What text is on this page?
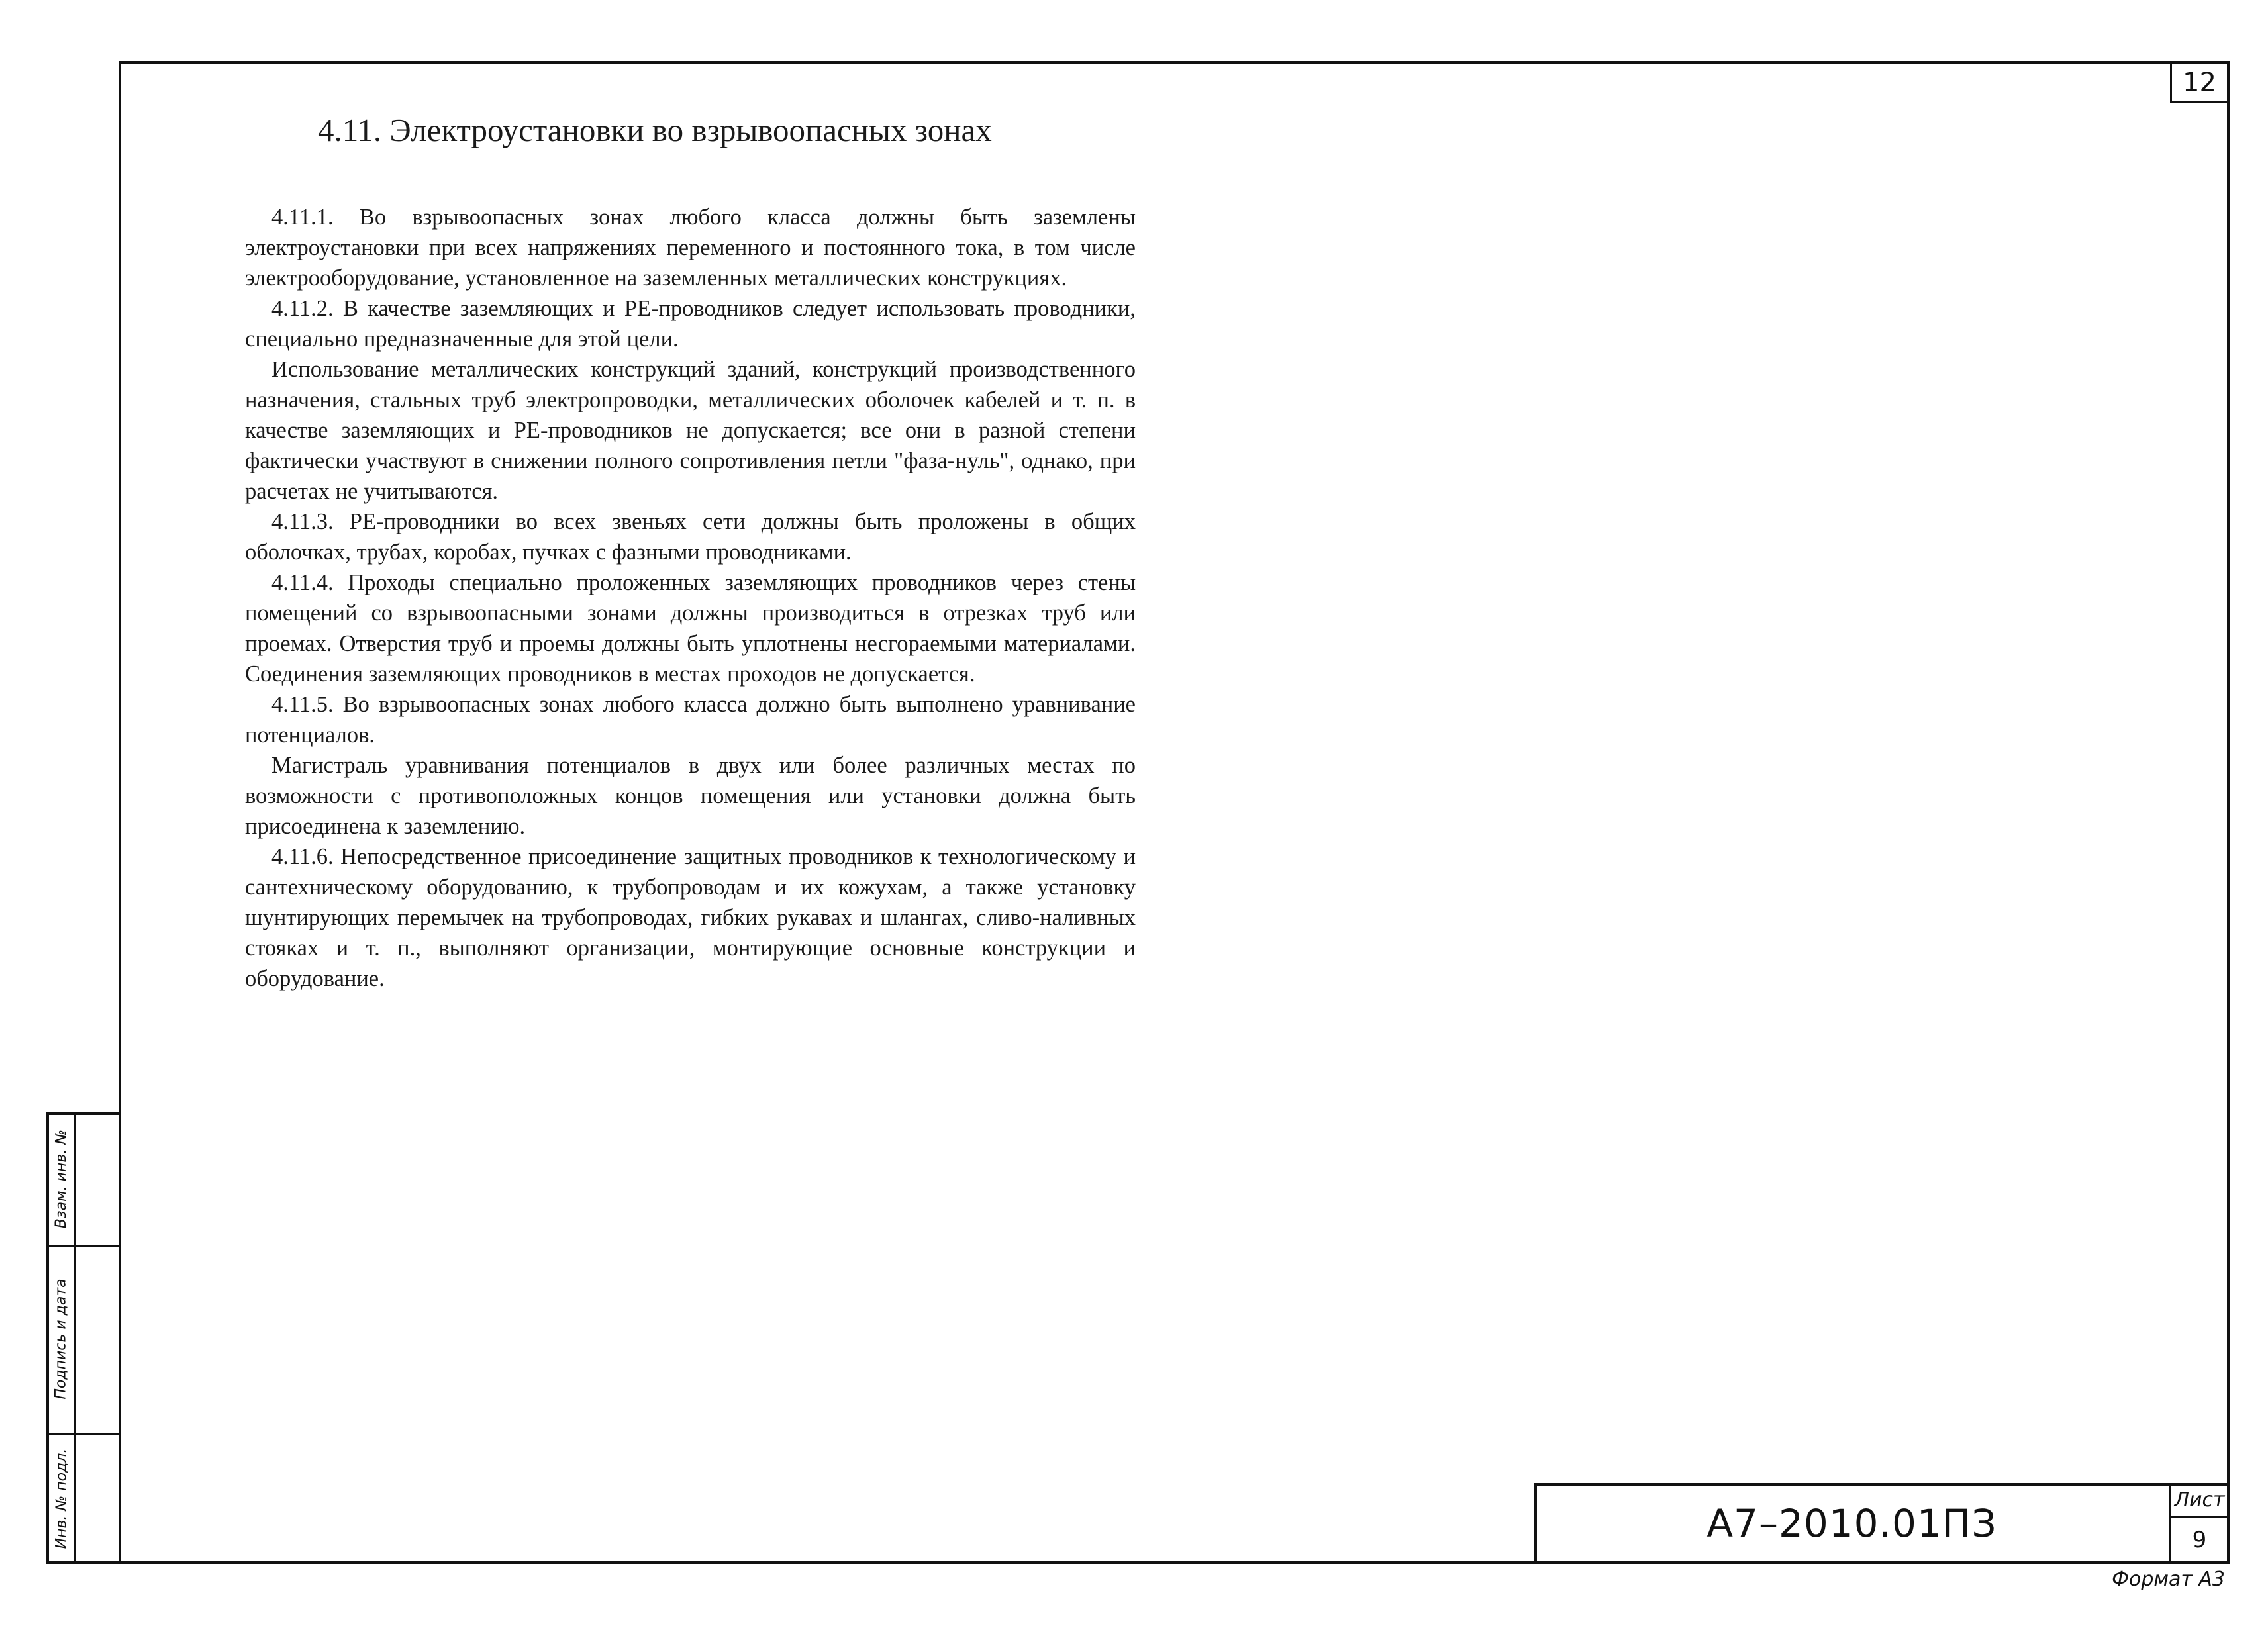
12
4.11. Электроустановки во взрывоопасных зонах

4.11.1. Во взрывоопасных зонах любого класса должны быть заземлены электроустановки при всех напряжениях переменного и постоянного тока, в том числе электрооборудование, установленное на заземленных металлических конструкциях.

4.11.2. В качестве заземляющих и PE-проводников следует использовать проводники, специально предназначенные для этой цели.

Использование металлических конструкций зданий, конструкций производственного назначения, стальных труб электропроводки, металлических оболочек кабелей и т. п. в качестве заземляющих и PE-проводников не допускается; все они в разной степени фактически участвуют в снижении полного сопротивления петли "фаза-нуль", однако, при расчетах не учитываются.

4.11.3. PE-проводники во всех звеньях сети должны быть проложены в общих оболочках, трубах, коробах, пучках с фазными проводниками.

4.11.4. Проходы специально проложенных заземляющих проводников через стены помещений со взрывоопасными зонами должны производиться в отрезках труб или проемах. Отверстия труб и проемы должны быть уплотнены несгораемыми материалами. Соединения заземляющих проводников в местах проходов не допускается.

4.11.5. Во взрывоопасных зонах любого класса должно быть выполнено уравнивание потенциалов.

Магистраль уравнивания потенциалов в двух или более различных местах по возможности с противоположных концов помещения или установки должна быть присоединена к заземлению.

4.11.6. Непосредственное присоединение защитных проводников к технологическому и сантехническому оборудованию, к трубопроводам и их кожухам, а также установку шунтирующих перемычек на трубопроводах, гибких рукавах и шлангах, сливо-наливных стояках и т. п., выполняют организации, монтирующие основные конструкции и оборудование.

Взам. инв. №
Подпись и дата
Инв. № подл.	А7–2010.01ПЗ
Лист
9
Формат А3
